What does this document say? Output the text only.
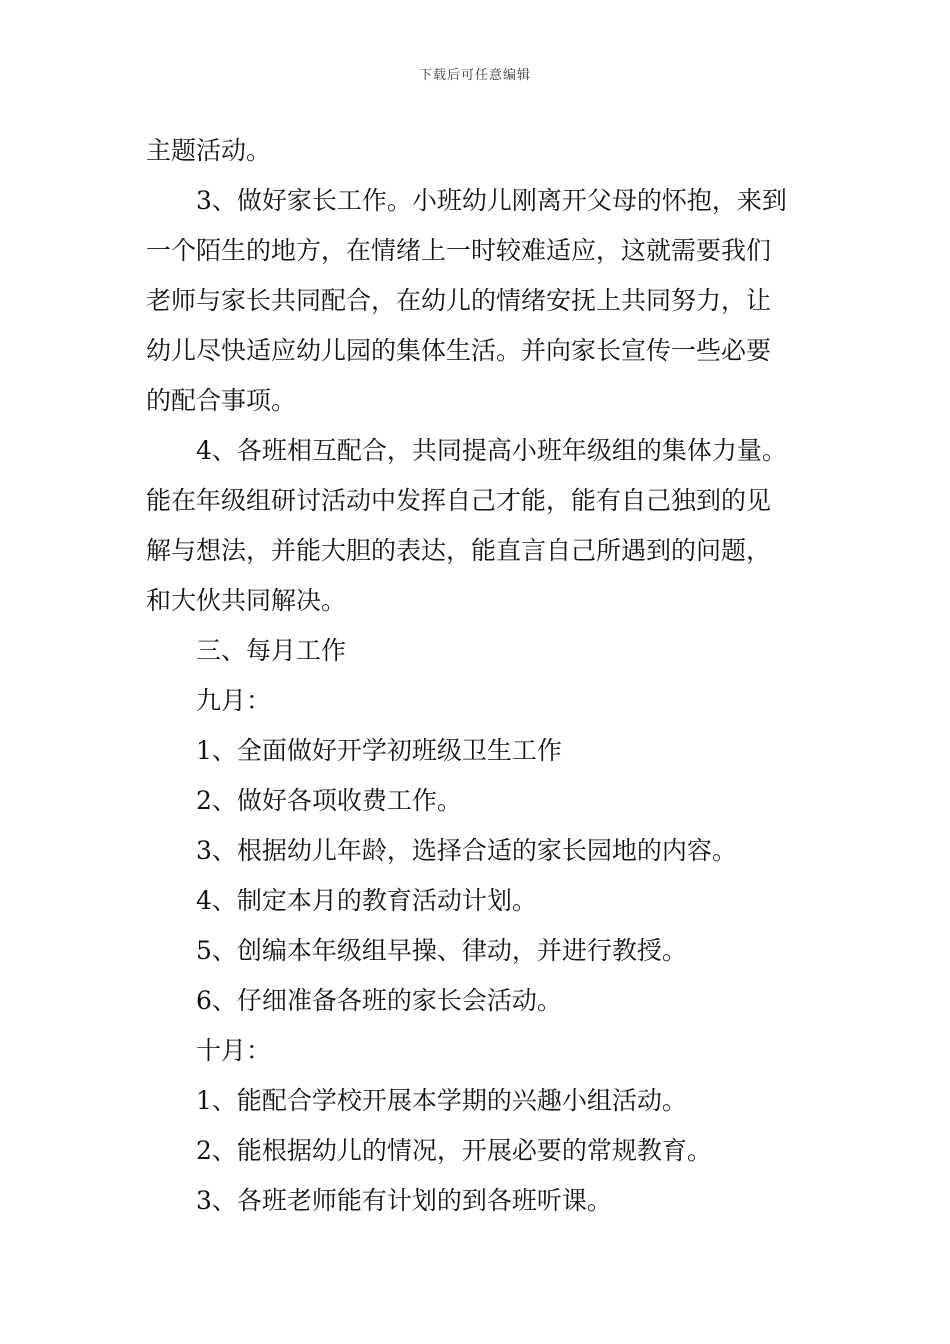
下载后可任意编辑
主题活动。
3、做好家长工作。小班幼儿刚离开父母的怀抱，来到
一个陌生的地方，在情绪上一时较难适应，这就需要我们
老师与家长共同配合，在幼儿的情绪安抚上共同努力，让
幼儿尽快适应幼儿园的集体生活。并向家长宣传一些必要
的配合事项。
4、各班相互配合，共同提高小班年级组的集体力量。
能在年级组研讨活动中发挥自己才能，能有自己独到的见
解与想法，并能大胆的表达，能直言自己所遇到的问题，
和大伙共同解决。
三、每月工作
九月：
1、全面做好开学初班级卫生工作
2、做好各项收费工作。
3、根据幼儿年龄，选择合适的家长园地的内容。
4、制定本月的教育活动计划。
5、创编本年级组早操、律动，并进行教授。
6、仔细准备各班的家长会活动。
十月：
1、能配合学校开展本学期的兴趣小组活动。
2、能根据幼儿的情况，开展必要的常规教育。
3、各班老师能有计划的到各班听课。
